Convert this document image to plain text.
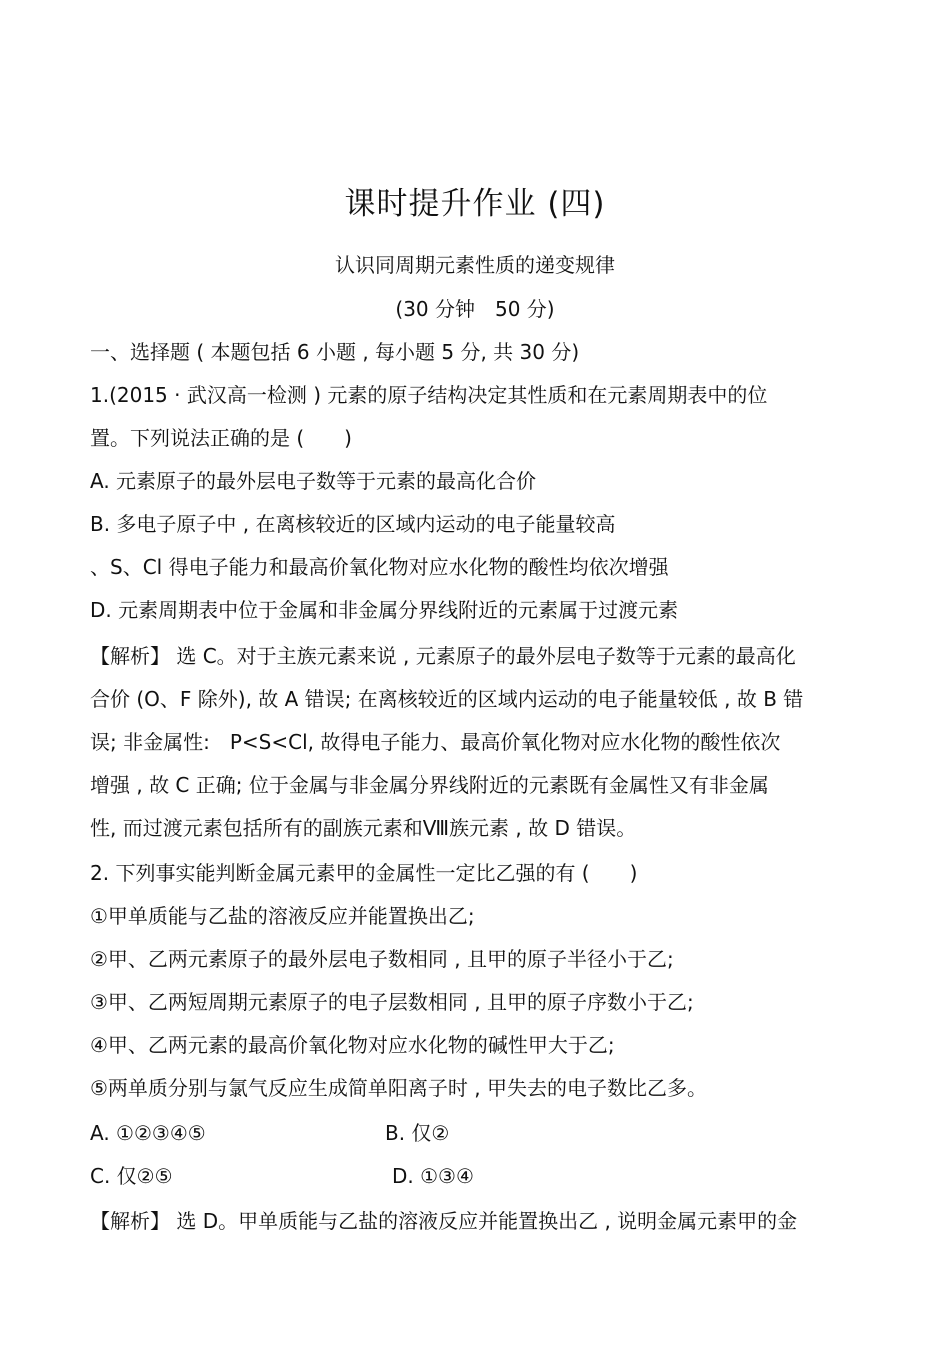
课时提升作业 (四)
认识同周期元素性质的递变规律
(30 分钟　50 分)
一、选择题 ( 本题包括 6 小题 , 每小题 5 分, 共 30 分)
1.(2015 · 武汉高一检测 ) 元素的原子结构决定其性质和在元素周期表中的位
置。下列说法正确的是 (　　)
A. 元素原子的最外层电子数等于元素的最高化合价
B. 多电子原子中 , 在离核较近的区域内运动的电子能量较高
、S、Cl 得电子能力和最高价氧化物对应水化物的酸性均依次增强
D. 元素周期表中位于金属和非金属分界线附近的元素属于过渡元素
【解析】 选 C。对于主族元素来说 , 元素原子的最外层电子数等于元素的最高化
合价 (O、F 除外), 故 A 错误; 在离核较近的区域内运动的电子能量较低 , 故 B 错
误; 非金属性:　P<S<Cl, 故得电子能力、最高价氧化物对应水化物的酸性依次
增强 , 故 C 正确; 位于金属与非金属分界线附近的元素既有金属性又有非金属
性, 而过渡元素包括所有的副族元素和Ⅷ族元素 , 故 D 错误。
2. 下列事实能判断金属元素甲的金属性一定比乙强的有 (　　)
①甲单质能与乙盐的溶液反应并能置换出乙;
②甲、乙两元素原子的最外层电子数相同 , 且甲的原子半径小于乙;
③甲、乙两短周期元素原子的电子层数相同 , 且甲的原子序数小于乙;
④甲、乙两元素的最高价氧化物对应水化物的碱性甲大于乙;
⑤两单质分别与氯气反应生成简单阳离子时 , 甲失去的电子数比乙多。
A. ①②③④⑤	B. 仅②
C. 仅②⑤	D. ①③④
【解析】 选 D。甲单质能与乙盐的溶液反应并能置换出乙 , 说明金属元素甲的金
